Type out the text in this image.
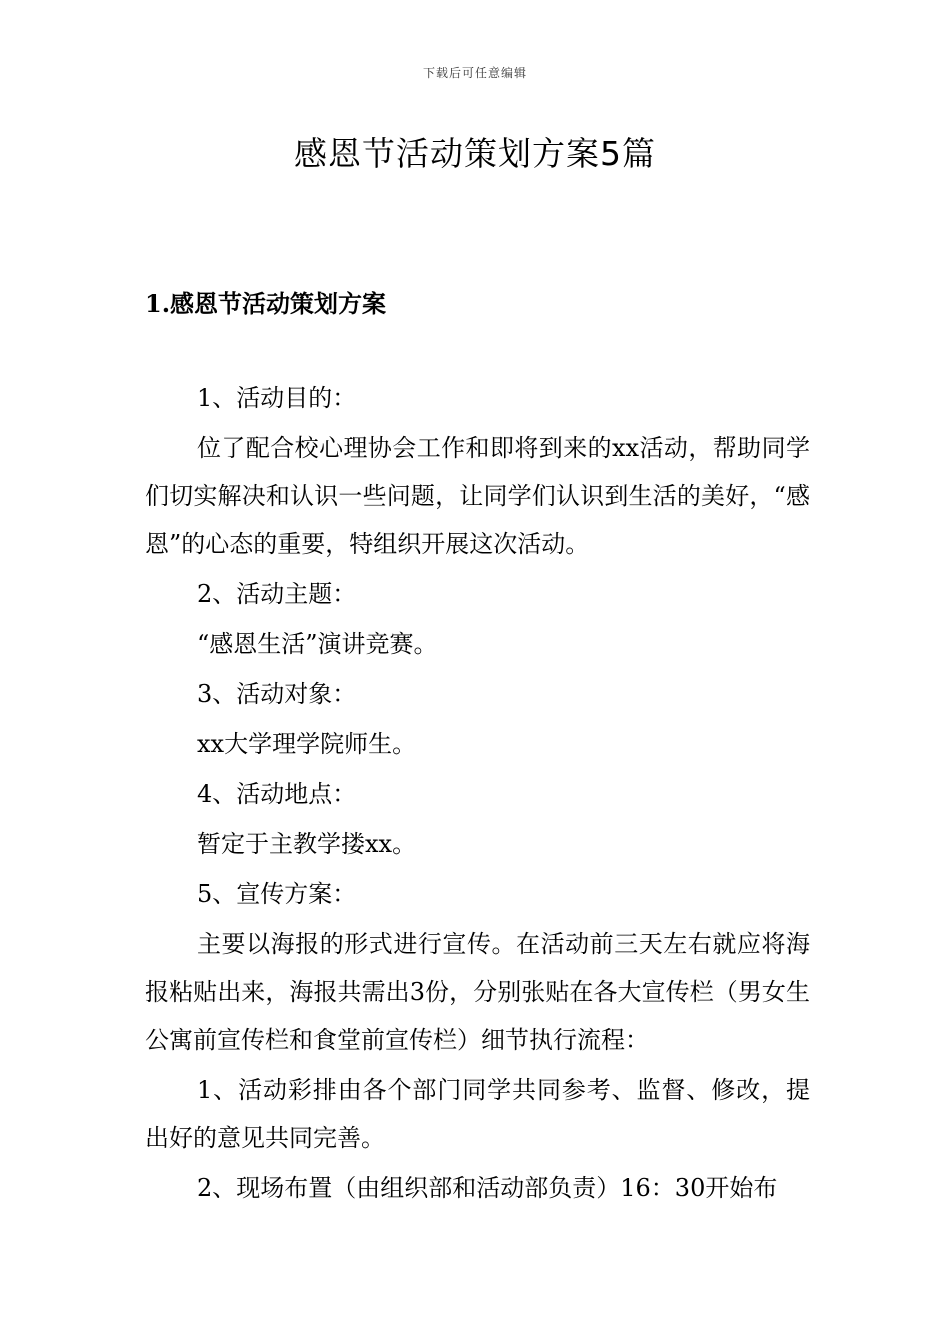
下载后可任意编辑
感恩节活动策划方案5篇
1.感恩节活动策划方案

1、活动目的：

位了配合校心理协会工作和即将到来的xx活动，帮助同学们切实解决和认识一些问题，让同学们认识到生活的美好，“感恩”的心态的重要，特组织开展这次活动。

2、活动主题：

“感恩生活”演讲竞赛。

3、活动对象：

xx大学理学院师生。

4、活动地点：

暂定于主教学搂xx。

5、宣传方案：

主要以海报的形式进行宣传。在活动前三天左右就应将海报粘贴出来，海报共需出3份，分别张贴在各大宣传栏（男女生公寓前宣传栏和食堂前宣传栏）细节执行流程：

1、活动彩排由各个部门同学共同参考、监督、修改，提出好的意见共同完善。

2、现场布置（由组织部和活动部负责）16：30开始布
